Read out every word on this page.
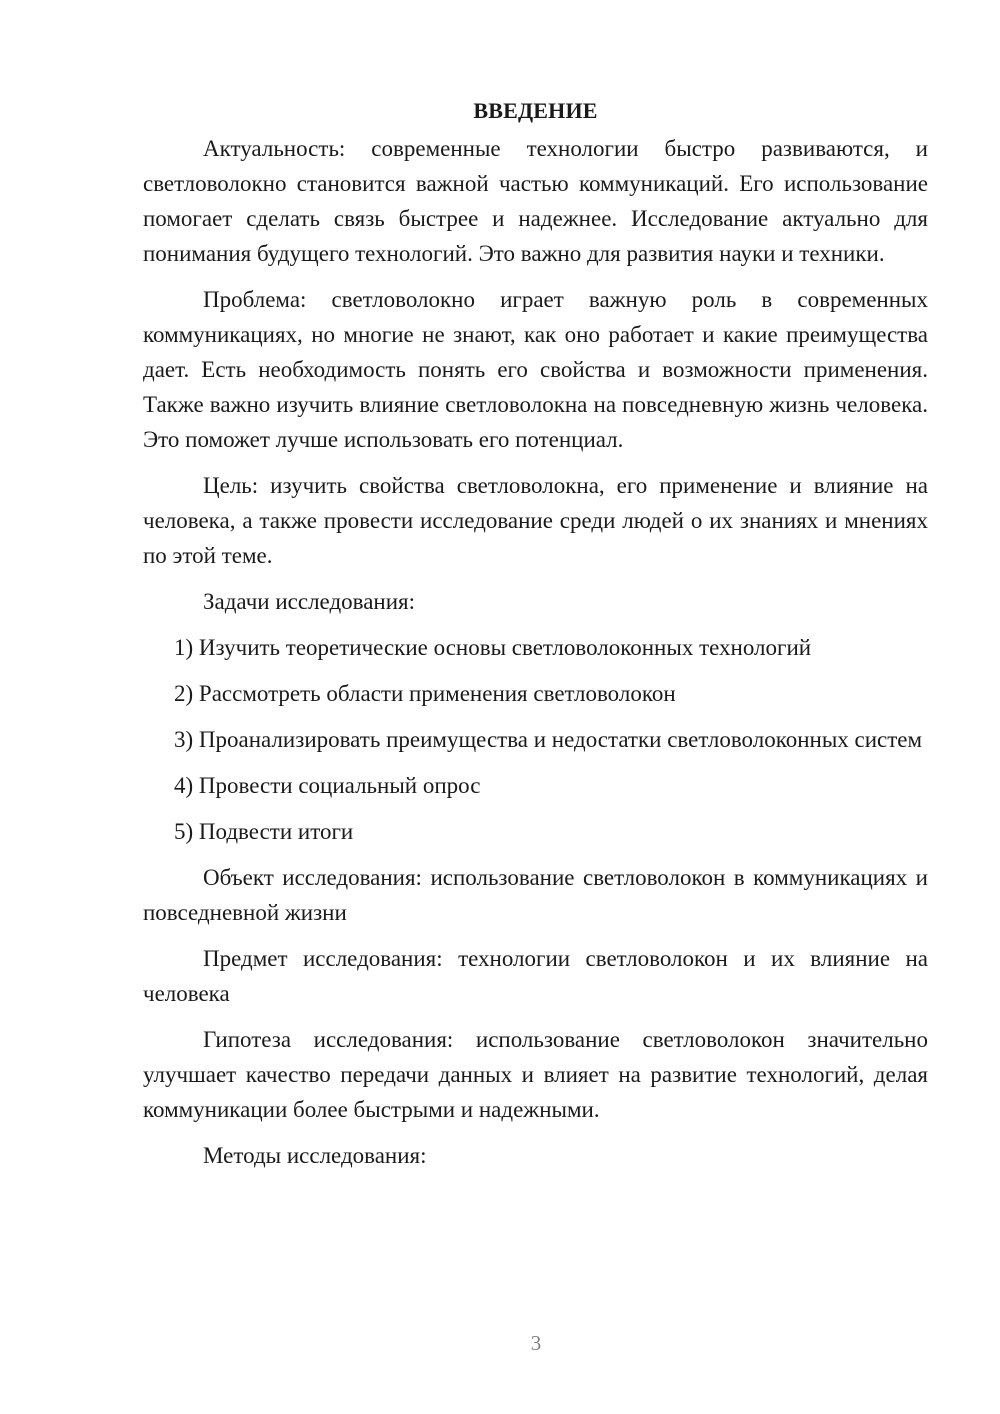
ВВЕДЕНИЕ

Актуальность: современные технологии быстро развиваются, и светловолокно становится важной частью коммуникаций. Его использование помогает сделать связь быстрее и надежнее. Исследование актуально для понимания будущего технологий. Это важно для развития науки и техники.

Проблема: светловолокно играет важную роль в современных коммуникациях, но многие не знают, как оно работает и какие преимущества дает. Есть необходимость понять его свойства и возможности применения. Также важно изучить влияние светловолокна на повседневную жизнь человека. Это поможет лучше использовать его потенциал.

Цель: изучить свойства светловолокна, его применение и влияние на человека, а также провести исследование среди людей о их знаниях и мнениях по этой теме.

Задачи исследования:

1) Изучить теоретические основы светловолоконных технологий

2) Рассмотреть области применения светловолокон

3) Проанализировать преимущества и недостатки светловолоконных систем

4) Провести социальный опрос

5) Подвести итоги

Объект исследования: использование светловолокон в коммуникациях и повседневной жизни

Предмет исследования: технологии светловолокон и их влияние на человека

Гипотеза исследования: использование светловолокон значительно улучшает качество передачи данных и влияет на развитие технологий, делая коммуникации более быстрыми и надежными.

Методы исследования:

3
